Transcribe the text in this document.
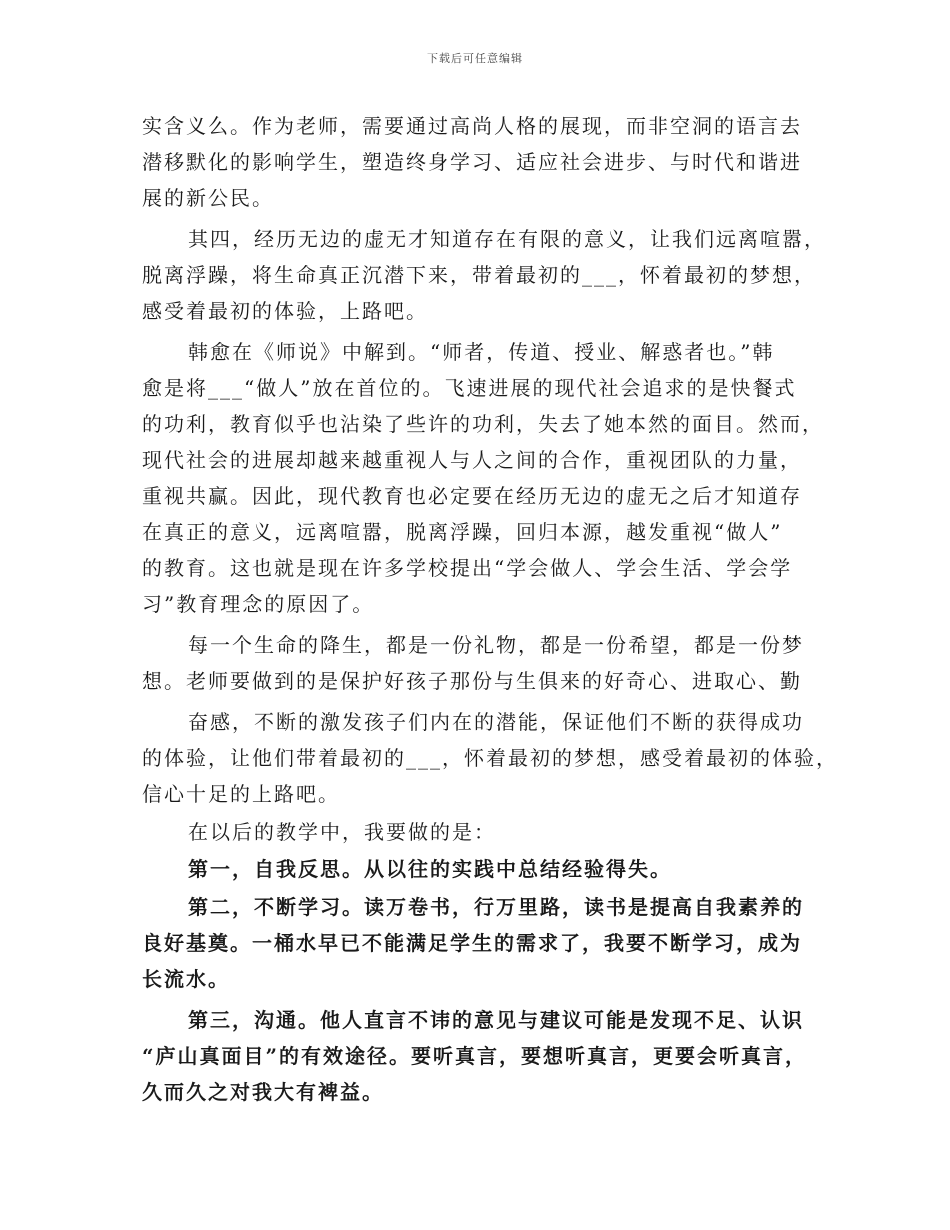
下载后可任意编辑
实含义么。作为老师，需要通过高尚人格的展现，而非空洞的语言去
潜移默化的影响学生，塑造终身学习、适应社会进步、与时代和谐进
展的新公民。
其四，经历无边的虚无才知道存在有限的意义，让我们远离喧嚣，
脱离浮躁，将生命真正沉潜下来，带着最初的___，怀着最初的梦想，
感受着最初的体验，上路吧。
韩愈在《师说》中解到。“师者，传道、授业、解惑者也。”韩
愈是将___“做人”放在首位的。飞速进展的现代社会追求的是快餐式
的功利，教育似乎也沾染了些许的功利，失去了她本然的面目。然而，
现代社会的进展却越来越重视人与人之间的合作，重视团队的力量，
重视共赢。因此，现代教育也必定要在经历无边的虚无之后才知道存
在真正的意义，远离喧嚣，脱离浮躁，回归本源，越发重视“做人”
的教育。这也就是现在许多学校提出“学会做人、学会生活、学会学
习”教育理念的原因了。
每一个生命的降生，都是一份礼物，都是一份希望，都是一份梦
想。老师要做到的是保护好孩子那份与生俱来的好奇心、进取心、勤
奋感，不断的激发孩子们内在的潜能，保证他们不断的获得成功
的体验，让他们带着最初的___，怀着最初的梦想，感受着最初的体验，
信心十足的上路吧。
在以后的教学中，我要做的是：
第一，自我反思。从以往的实践中总结经验得失。
第二，不断学习。读万卷书，行万里路，读书是提高自我素养的
良好基奠。一桶水早已不能满足学生的需求了，我要不断学习，成为
长流水。
第三，沟通。他人直言不讳的意见与建议可能是发现不足、认识
“庐山真面目”的有效途径。要听真言，要想听真言，更要会听真言，
久而久之对我大有裨益。
